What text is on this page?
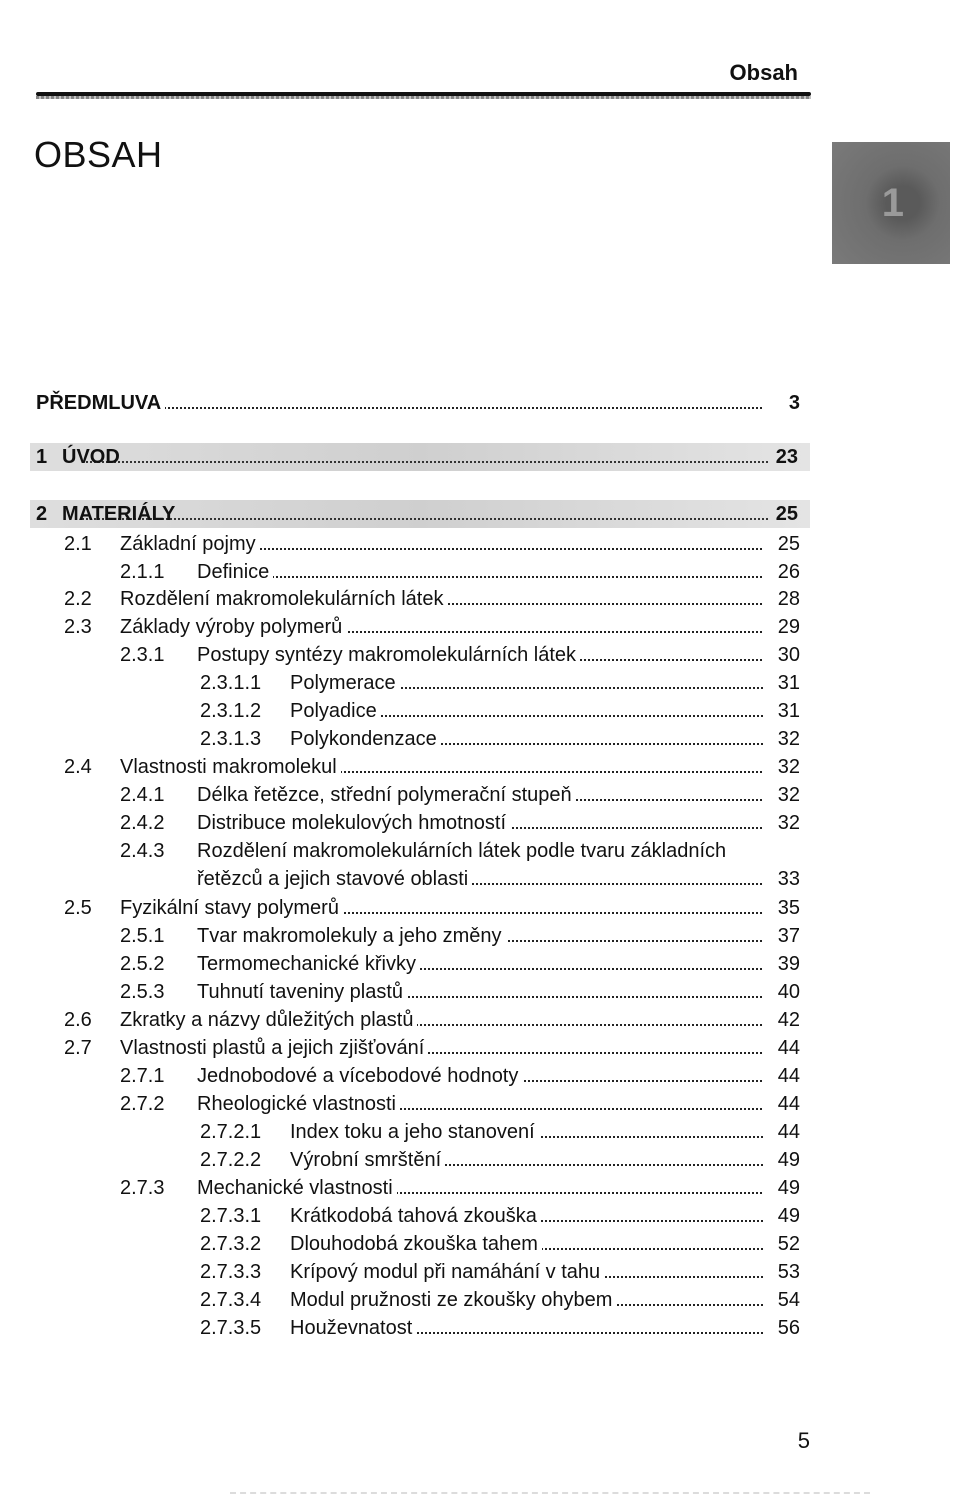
Obsah
OBSAH
1
PŘEDMLUVA	3
1 ÚVOD	23
2 MATERIÁLY	25
2.1 Základní pojmy	25
2.1.1 Definice	26
2.2 Rozdělení makromolekulárních látek	28
2.3 Základy výroby polymerů	29
2.3.1 Postupy syntézy makromolekulárních látek	30
2.3.1.1 Polymerace	31
2.3.1.2 Polyadice	31
2.3.1.3 Polykondenzace	32
2.4 Vlastnosti makromolekul	32
2.4.1 Délka řetězce, střední polymerační stupeň	32
2.4.2 Distribuce molekulových hmotností	32
2.4.3 Rozdělení makromolekulárních látek podle tvaru základních
řetězců a jejich stavové oblasti	33
2.5 Fyzikální stavy polymerů	35
2.5.1 Tvar makromolekuly a jeho změny	37
2.5.2 Termomechanické křivky	39
2.5.3 Tuhnutí taveniny plastů	40
2.6 Zkratky a názvy důležitých plastů	42
2.7 Vlastnosti plastů a jejich zjišťování	44
2.7.1 Jednobodové a vícebodové hodnoty	44
2.7.2 Rheologické vlastnosti	44
2.7.2.1 Index toku a jeho stanovení	44
2.7.2.2 Výrobní smrštění	49
2.7.3 Mechanické vlastnosti	49
2.7.3.1 Krátkodobá tahová zkouška	49
2.7.3.2 Dlouhodobá zkouška tahem	52
2.7.3.3 Krípový modul při namáhání v tahu	53
2.7.3.4 Modul pružnosti ze zkoušky ohybem	54
2.7.3.5 Houževnatost	56
5
